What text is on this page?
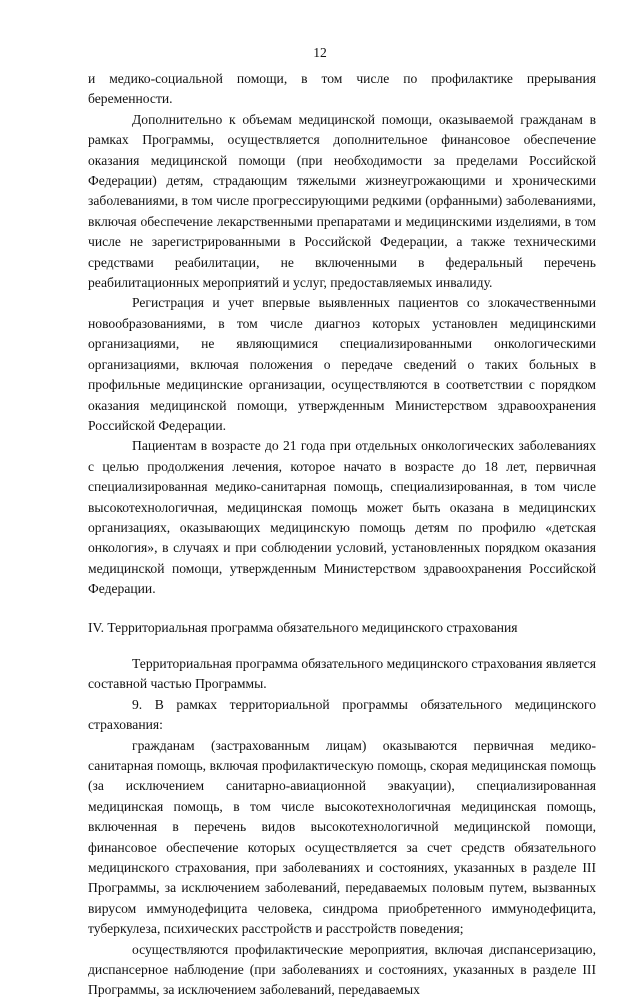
12

и медико-социальной помощи, в том числе по профилактике прерывания беременности.

Дополнительно к объемам медицинской помощи, оказываемой гражданам в рамках Программы, осуществляется дополнительное финансовое обеспечение оказания медицинской помощи (при необходимости за пределами Российской Федерации) детям, страдающим тяжелыми жизнеугрожающими и хроническими заболеваниями, в том числе прогрессирующими редкими (орфанными) заболеваниями, включая обеспечение лекарственными препаратами и медицинскими изделиями, в том числе не зарегистрированными в Российской Федерации, а также техническими средствами реабилитации, не включенными в федеральный перечень реабилитационных мероприятий и услуг, предоставляемых инвалиду.

Регистрация и учет впервые выявленных пациентов со злокачественными новообразованиями, в том числе диагноз которых установлен медицинскими организациями, не являющимися специализированными онкологическими организациями, включая положения о передаче сведений о таких больных в профильные медицинские организации, осуществляются в соответствии с порядком оказания медицинской помощи, утвержденным Министерством здравоохранения Российской Федерации.

Пациентам в возрасте до 21 года при отдельных онкологических заболеваниях с целью продолжения лечения, которое начато в возрасте до 18 лет, первичная специализированная медико-санитарная помощь, специализированная, в том числе высокотехнологичная, медицинская помощь может быть оказана в медицинских организациях, оказывающих медицинскую помощь детям по профилю «детская онкология», в случаях и при соблюдении условий, установленных порядком оказания медицинской помощи, утвержденным Министерством здравоохранения Российской Федерации.

IV. Территориальная программа обязательного медицинского страхования

Территориальная программа обязательного медицинского страхования является составной частью Программы.

9. В рамках территориальной программы обязательного медицинского страхования:

гражданам (застрахованным лицам) оказываются первичная медико-санитарная помощь, включая профилактическую помощь, скорая медицинская помощь (за исключением санитарно-авиационной эвакуации), специализированная медицинская помощь, в том числе высокотехнологичная медицинская помощь, включенная в перечень видов высокотехнологичной медицинской помощи, финансовое обеспечение которых осуществляется за счет средств обязательного медицинского страхования, при заболеваниях и состояниях, указанных в разделе III Программы, за исключением заболеваний, передаваемых половым путем, вызванных вирусом иммунодефицита человека, синдрома приобретенного иммунодефицита, туберкулеза, психических расстройств и расстройств поведения;

осуществляются профилактические мероприятия, включая диспансеризацию, диспансерное наблюдение (при заболеваниях и состояниях, указанных в разделе III Программы, за исключением заболеваний, передаваемых
